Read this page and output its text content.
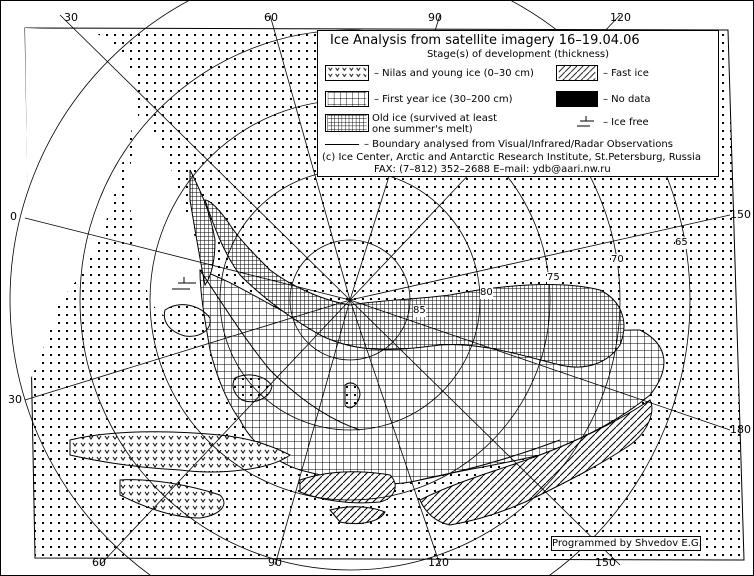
30	60	90	120
0
30
150
180
60	90	120	150
85
80
75
70
65
Ice Analysis from satellite imagery 16–19.04.06
Stage(s) of development (thickness)
– Nilas and young ice (0–30 cm)	– Fast ice
– First year ice (30–200 cm)	– No data
Old ice (survived at least
one summer's melt)
– Ice free
– Boundary analysed from Visual/Infrared/Radar Observations
(c) Ice Center, Arctic and Antarctic Research Institute, St.Petersburg, Russia
FAX: (7–812) 352–2688 E–mail: ydb@aari.nw.ru
Programmed by Shvedov E.G.
